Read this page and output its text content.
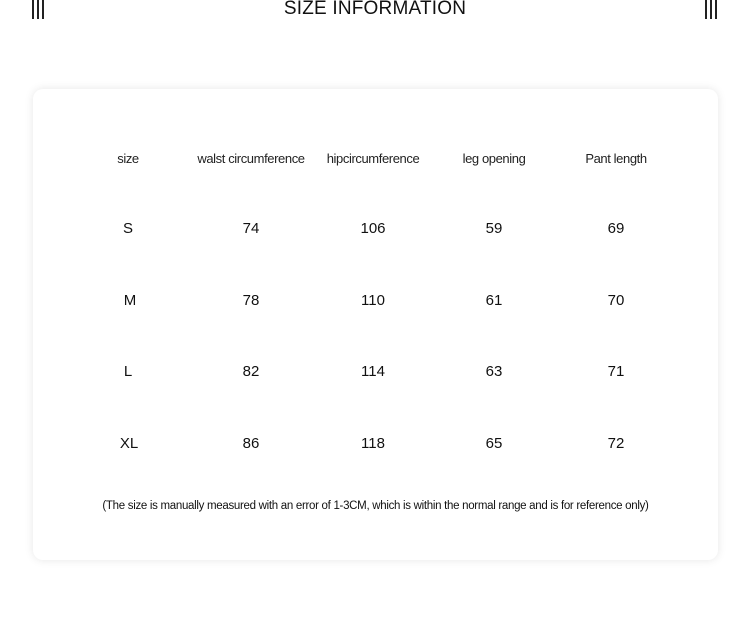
SIZE INFORMATION
size	walst circumference	hipcircumference	leg opening	Pant length
S	74	106	59	69
M	78	110	61	70
L	82	114	63	71
XL	86	118	65	72
(The size is manually measured with an error of 1-3CM, which is within the normal range and is for reference only)
